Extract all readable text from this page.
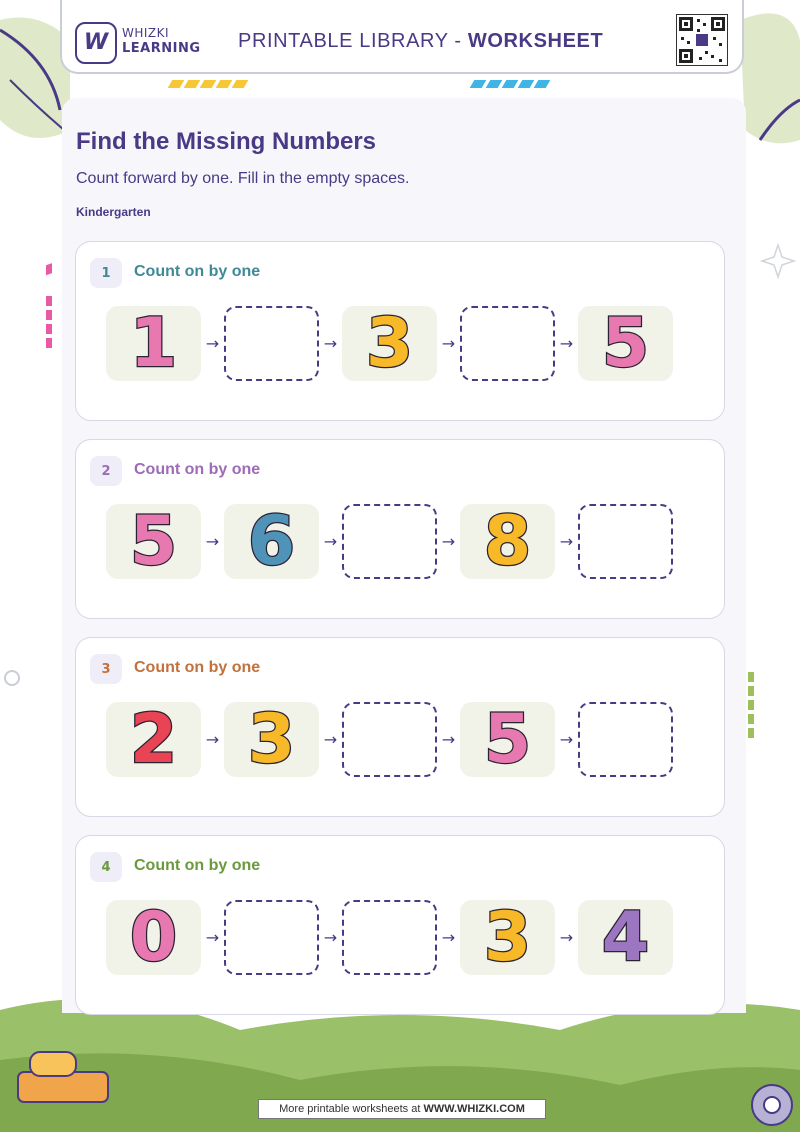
W WHIZKI
LEARNING PRINTABLE LIBRARY - WORKSHEET
Find the Missing Numbers
Count forward by one. Fill in the empty spaces.
Kindergarten
1	Count on by one
1 →	→ 3 →	→ 5
2	Count on by one
5 → 6 →	→ 8 →
3	Count on by one
2 → 3 →	→ 5 →
4	Count on by one
0 →	→	→ 3 → 4
More printable worksheets at WWW.WHIZKI.COM
